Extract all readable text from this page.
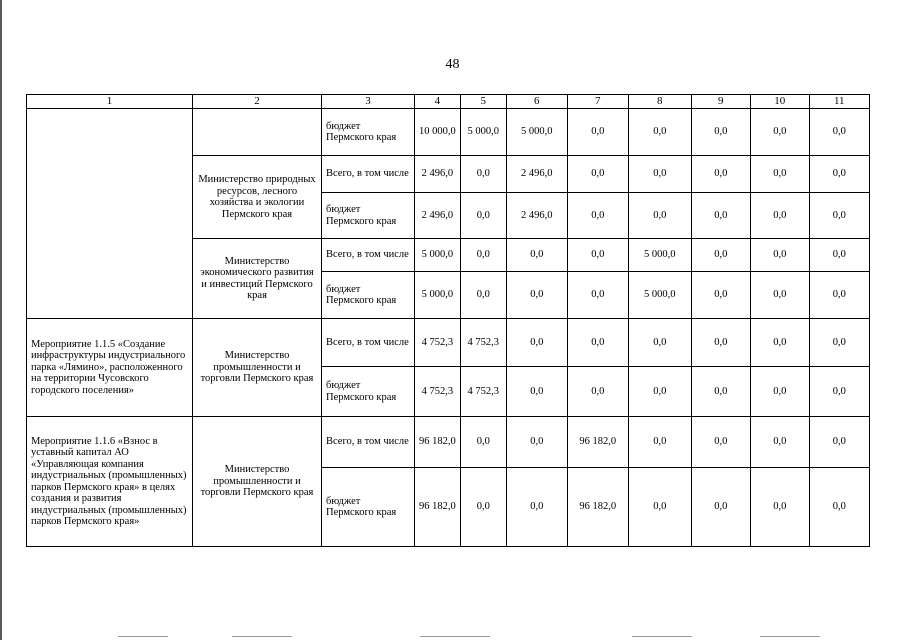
48
1	2	3	4	5	6	7	8	9	10	11
		бюджет Пермского края	10 000,0	5 000,0	5 000,0	0,0	0,0	0,0	0,0	0,0
	Министерство природных ресурсов, лесного хозяйства и экологии Пермского края	Всего, в том числе	2 496,0	0,0	2 496,0	0,0	0,0	0,0	0,0	0,0
		бюджет Пермского края	2 496,0	0,0	2 496,0	0,0	0,0	0,0	0,0	0,0
	Министерство экономического развития и инвестиций Пермского края	Всего, в том числе	5 000,0	0,0	0,0	0,0	5 000,0	0,0	0,0	0,0
		бюджет Пермского края	5 000,0	0,0	0,0	0,0	5 000,0	0,0	0,0	0,0
Мероприятие 1.1.5 «Создание инфраструктуры индустриального парка «Лямино», расположенного на территории Чусовского городского поселения»	Министерство промышленности и торговли Пермского края	Всего, в том числе	4 752,3	4 752,3	0,0	0,0	0,0	0,0	0,0	0,0
		бюджет Пермского края	4 752,3	4 752,3	0,0	0,0	0,0	0,0	0,0	0,0
Мероприятие 1.1.6 «Взнос в уставный капитал АО «Управляющая компания индустриальных (промышленных) парков Пермского края» в целях создания и развития индустриальных (промышленных) парков Пермского края»	Министерство промышленности и торговли Пермского края	Всего, в том числе	96 182,0	0,0	0,0	96 182,0	0,0	0,0	0,0	0,0
		бюджет Пермского края	96 182,0	0,0	0,0	96 182,0	0,0	0,0	0,0	0,0
